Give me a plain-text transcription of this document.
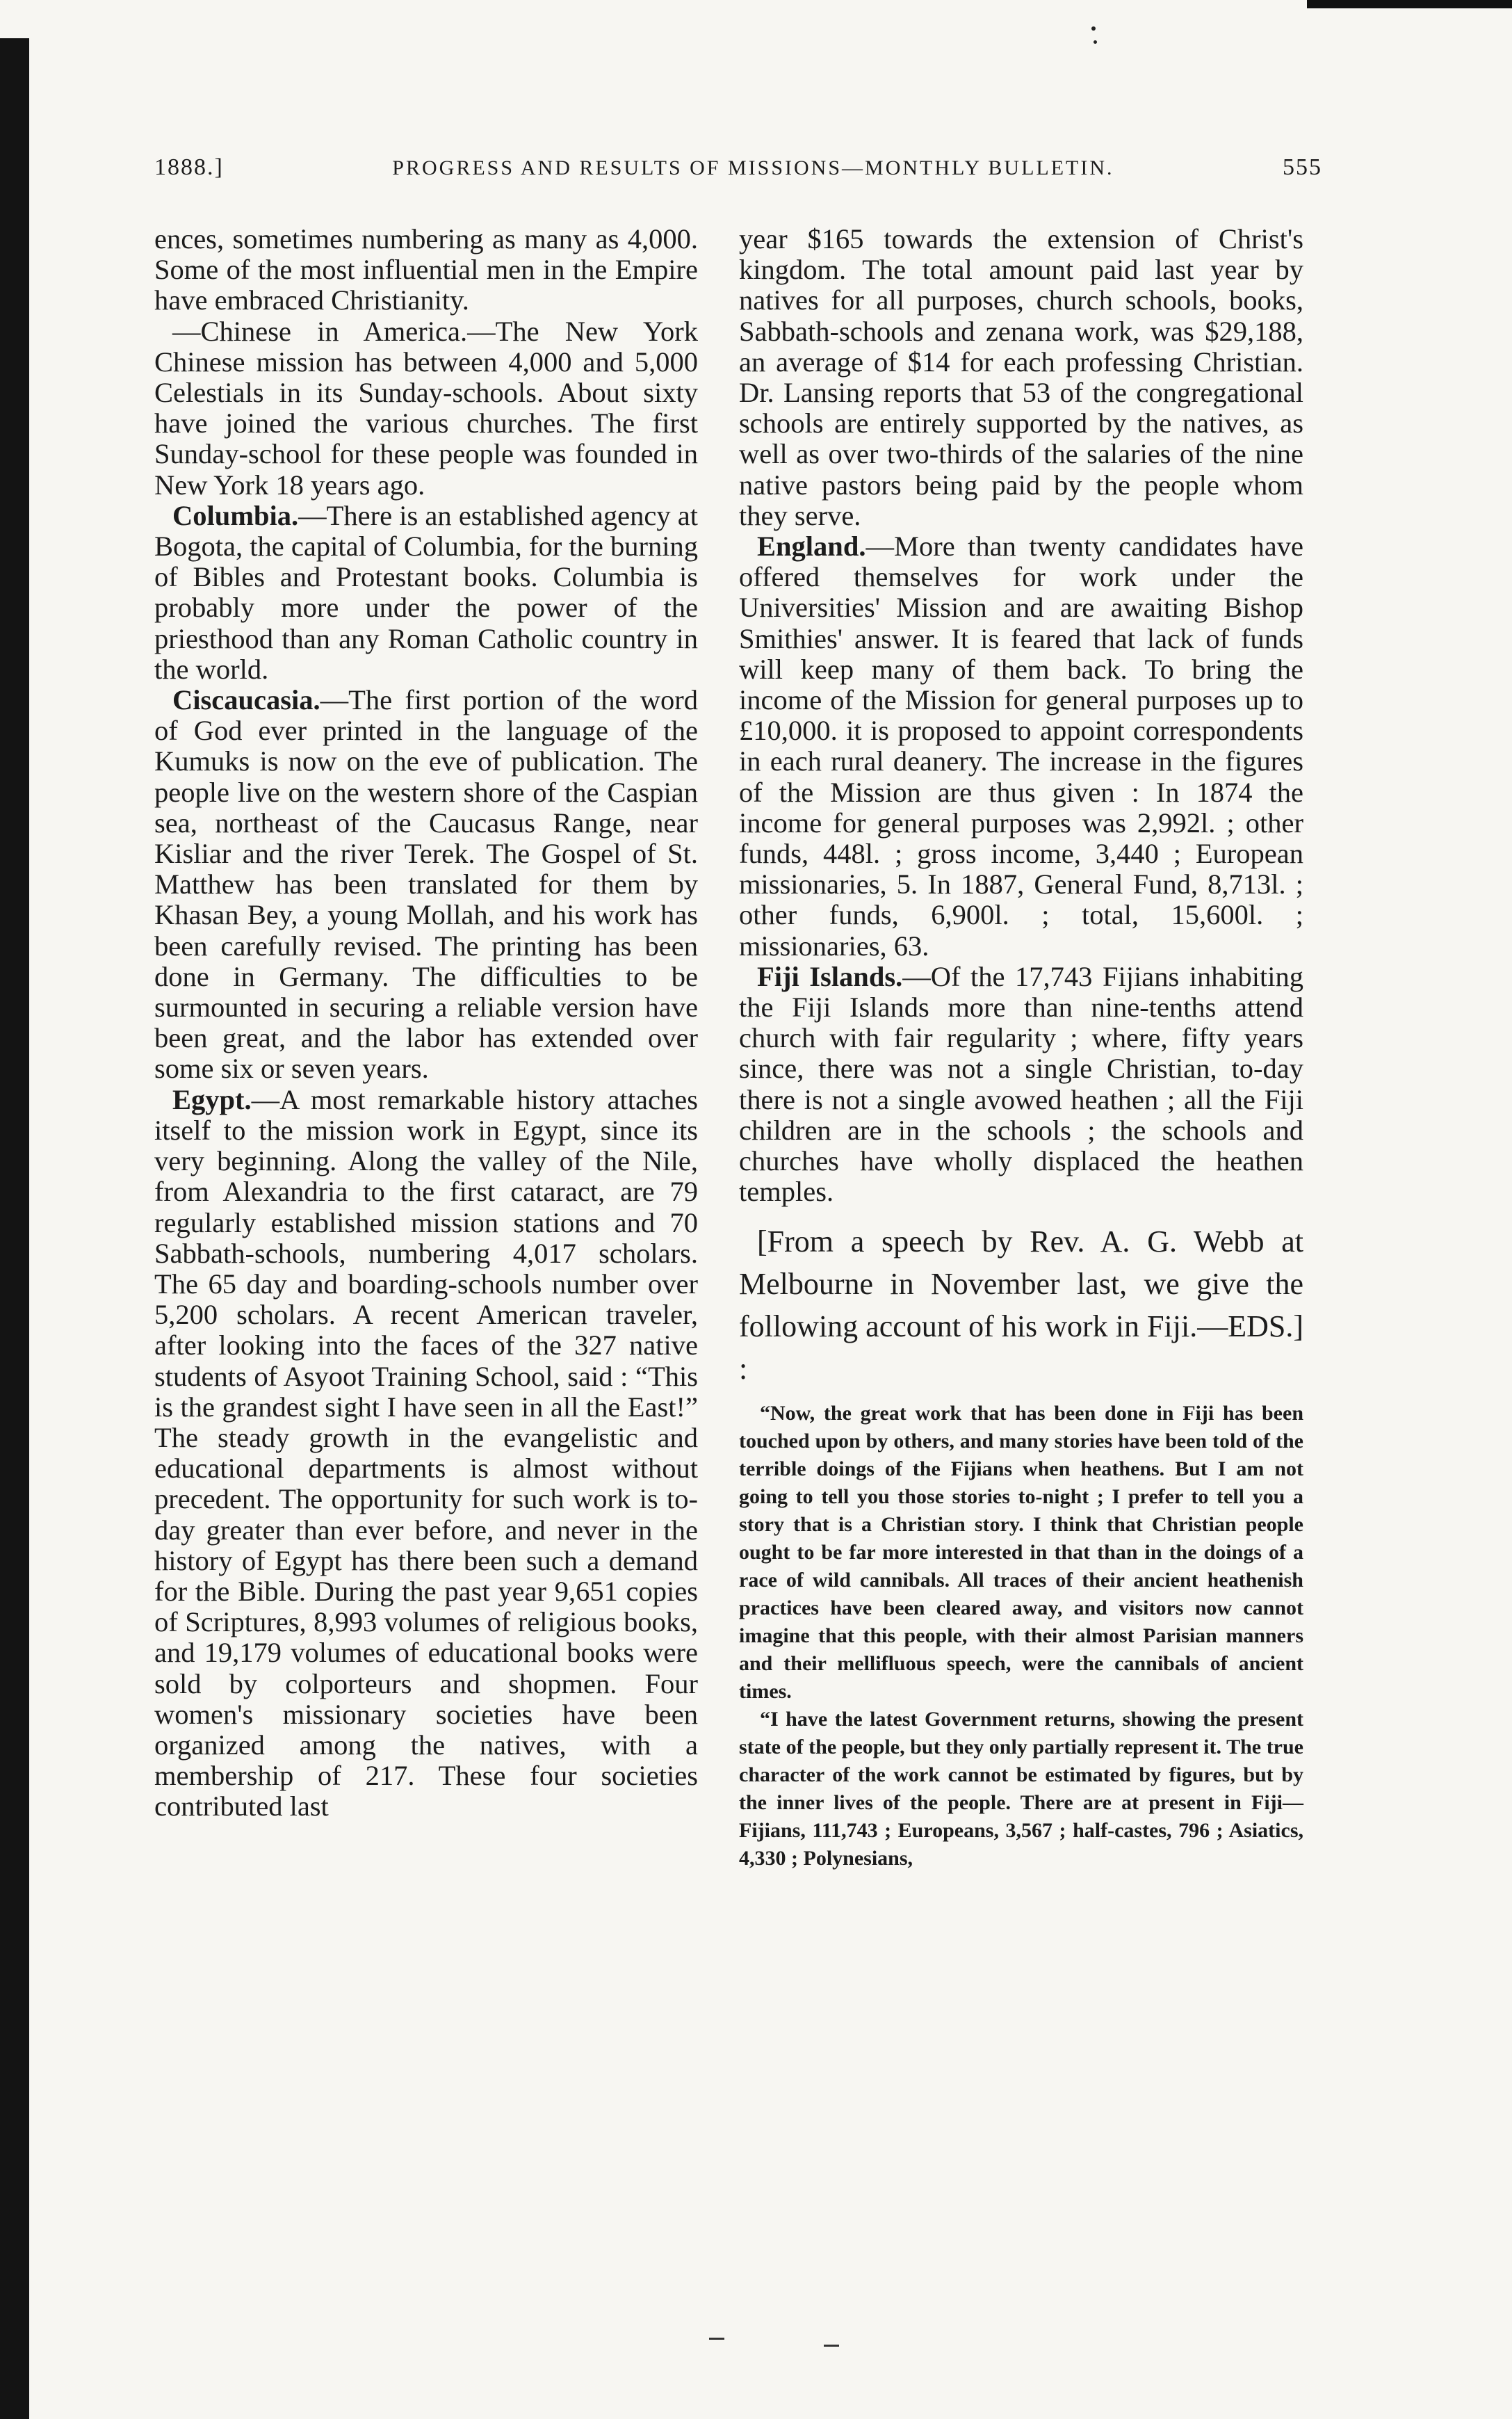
1888.]	PROGRESS AND RESULTS OF MISSIONS—MONTHLY BULLETIN.	555

ences, sometimes numbering as many as 4,000. Some of the most influential men in the Empire have embraced Christianity.

—Chinese in America.—The New York Chinese mission has between 4,000 and 5,000 Celestials in its Sunday-schools. About sixty have joined the various churches. The first Sunday-school for these people was founded in New York 18 years ago.

Columbia.—There is an established agency at Bogota, the capital of Columbia, for the burning of Bibles and Protestant books. Columbia is probably more under the power of the priesthood than any Roman Catholic country in the world.

Ciscaucasia.—The first portion of the word of God ever printed in the language of the Kumuks is now on the eve of publication. The people live on the western shore of the Caspian sea, northeast of the Caucasus Range, near Kisliar and the river Terek. The Gospel of St. Matthew has been translated for them by Khasan Bey, a young Mollah, and his work has been carefully revised. The printing has been done in Germany. The difficulties to be surmounted in securing a reliable version have been great, and the labor has extended over some six or seven years.

Egypt.—A most remarkable history attaches itself to the mission work in Egypt, since its very beginning. Along the valley of the Nile, from Alexandria to the first cataract, are 79 regularly established mission stations and 70 Sabbath-schools, numbering 4,017 scholars. The 65 day and boarding-schools number over 5,200 scholars. A recent American traveler, after looking into the faces of the 327 native students of Asyoot Training School, said : “This is the grandest sight I have seen in all the East!” The steady growth in the evangelistic and educational departments is almost without precedent. The opportunity for such work is to-day greater than ever before, and never in the history of Egypt has there been such a demand for the Bible. During the past year 9,651 copies of Scriptures, 8,993 volumes of religious books, and 19,179 volumes of educational books were sold by colporteurs and shopmen. Four women's missionary societies have been organized among the natives, with a membership of 217. These four societies contributed last

year $165 towards the extension of Christ's kingdom. The total amount paid last year by natives for all purposes, church schools, books, Sabbath-schools and zenana work, was $29,188, an average of $14 for each professing Christian. Dr. Lansing reports that 53 of the congregational schools are entirely supported by the natives, as well as over two-thirds of the salaries of the nine native pastors being paid by the people whom they serve.

England.—More than twenty candidates have offered themselves for work under the Universities' Mission and are awaiting Bishop Smithies' answer. It is feared that lack of funds will keep many of them back. To bring the income of the Mission for general purposes up to £10,000. it is proposed to appoint correspondents in each rural deanery. The increase in the figures of the Mission are thus given : In 1874 the income for general purposes was 2,992l. ; other funds, 448l. ; gross income, 3,440 ; European missionaries, 5. In 1887, General Fund, 8,713l. ; other funds, 6,900l. ; total, 15,600l. ; missionaries, 63.

Fiji Islands.—Of the 17,743 Fijians inhabiting the Fiji Islands more than nine-tenths attend church with fair regularity ; where, fifty years since, there was not a single Christian, to-day there is not a single avowed heathen ; all the Fiji children are in the schools ; the schools and churches have wholly displaced the heathen temples.

[From a speech by Rev. A. G. Webb at Melbourne in November last, we give the following account of his work in Fiji.—EDS.] :

“Now, the great work that has been done in Fiji has been touched upon by others, and many stories have been told of the terrible doings of the Fijians when heathens. But I am not going to tell you those stories to-night ; I prefer to tell you a story that is a Christian story. I think that Christian people ought to be far more interested in that than in the doings of a race of wild cannibals. All traces of their ancient heathenish practices have been cleared away, and visitors now cannot imagine that this people, with their almost Parisian manners and their mellifluous speech, were the cannibals of ancient times.

“I have the latest Government returns, showing the present state of the people, but they only partially represent it. The true character of the work cannot be estimated by figures, but by the inner lives of the people. There are at present in Fiji—Fijians, 111,743 ; Europeans, 3,567 ; half-castes, 796 ; Asiatics, 4,330 ; Polynesians,
